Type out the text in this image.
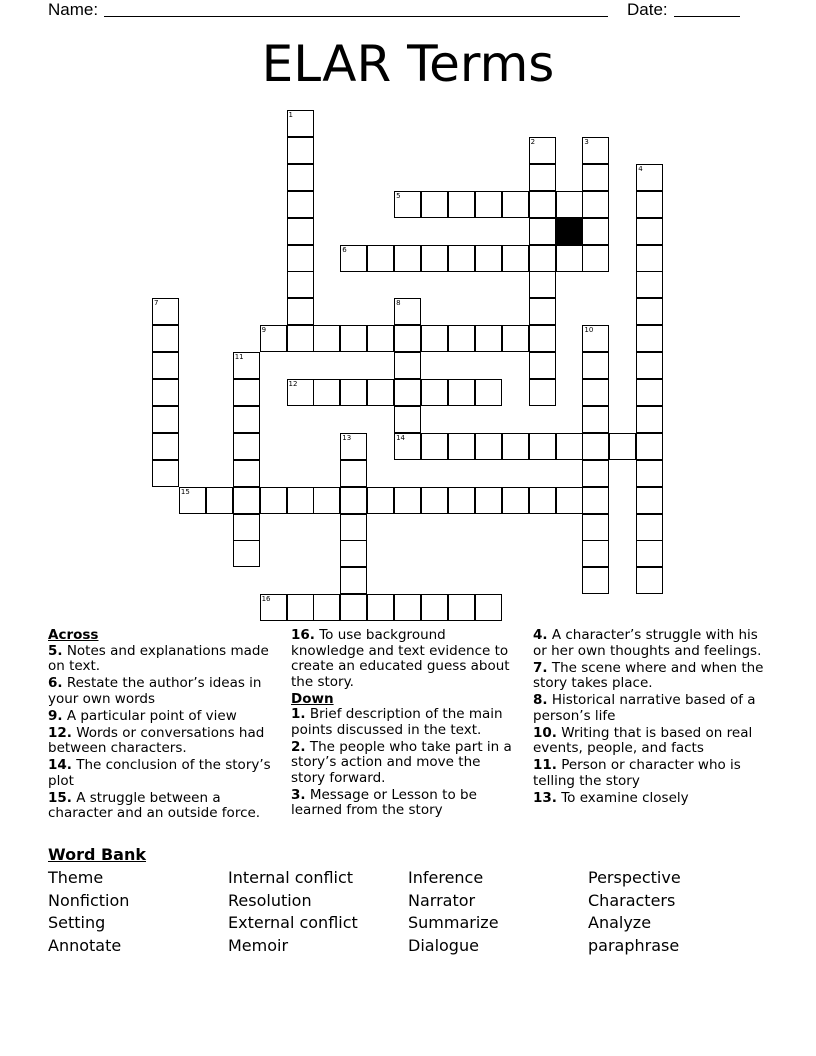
Name:	Date:
ELAR Terms
1
2	3
4
5
6
7	8
14
9	10
11
12
13
15
16

Across

5. Notes and explanations made on text.

6. Restate the author’s ideas in your own words

9. A particular point of view

12. Words or conversations had between characters.

14. The conclusion of the story’s plot

15. A struggle between a character and an outside force.

16. To use background knowledge and text evidence to create an educated guess about the story.

Down

1. Brief description of the main points discussed in the text.

2. The people who take part in a story’s action and move the story forward.

3. Message or Lesson to be learned from the story

4. A character’s struggle with his or her own thoughts and feelings.

7. The scene where and when the story takes place.

8. Historical narrative based of a person’s life

10. Writing that is based on real events, people, and facts

11. Person or character who is telling the story

13. To examine closely

Word Bank
Theme	Internal conflict	Inference	Perspective
Nonfiction	Resolution	Narrator	Characters
Setting	External conflict	Summarize	Analyze
Annotate	Memoir	Dialogue	paraphrase
